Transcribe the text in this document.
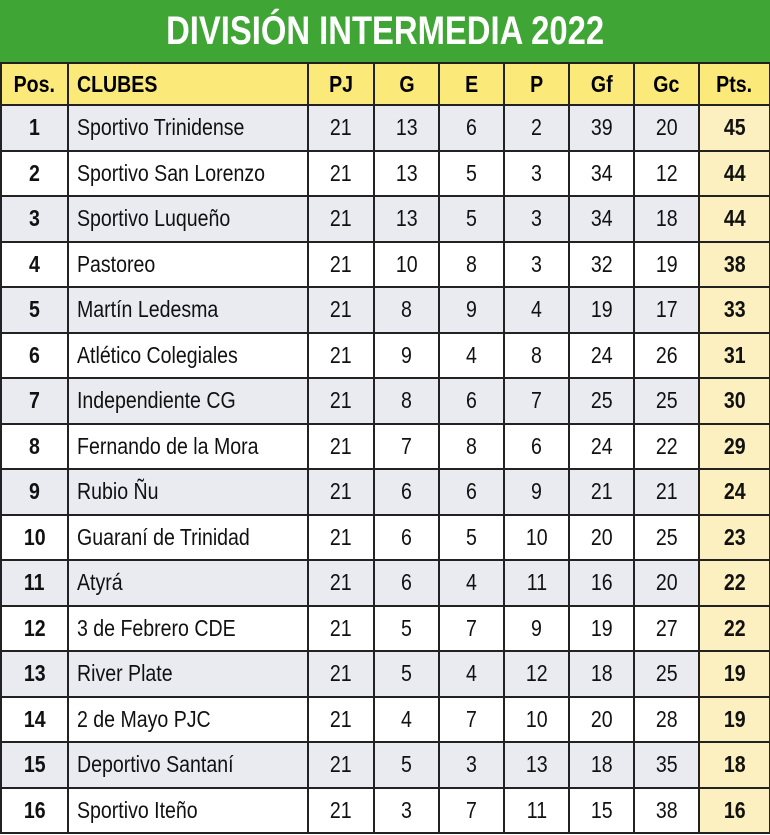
DIVISIÓN INTERMEDIA 2022
Pos.	CLUBES	PJ	G	E	P	Gf	Gc	Pts.
1	Sportivo Trinidense	21	13	6	2	39	20	45
2	Sportivo San Lorenzo	21	13	5	3	34	12	44
3	Sportivo Luqueño	21	13	5	3	34	18	44
4	Pastoreo	21	10	8	3	32	19	38
5	Martín Ledesma	21	8	9	4	19	17	33
6	Atlético Colegiales	21	9	4	8	24	26	31
7	Independiente CG	21	8	6	7	25	25	30
8	Fernando de la Mora	21	7	8	6	24	22	29
9	Rubio Ñu	21	6	6	9	21	21	24
10	Guaraní de Trinidad	21	6	5	10	20	25	23
11	Atyrá	21	6	4	11	16	20	22
12	3 de Febrero CDE	21	5	7	9	19	27	22
13	River Plate	21	5	4	12	18	25	19
14	2 de Mayo PJC	21	4	7	10	20	28	19
15	Deportivo Santaní	21	5	3	13	18	35	18
16	Sportivo Iteño	21	3	7	11	15	38	16
